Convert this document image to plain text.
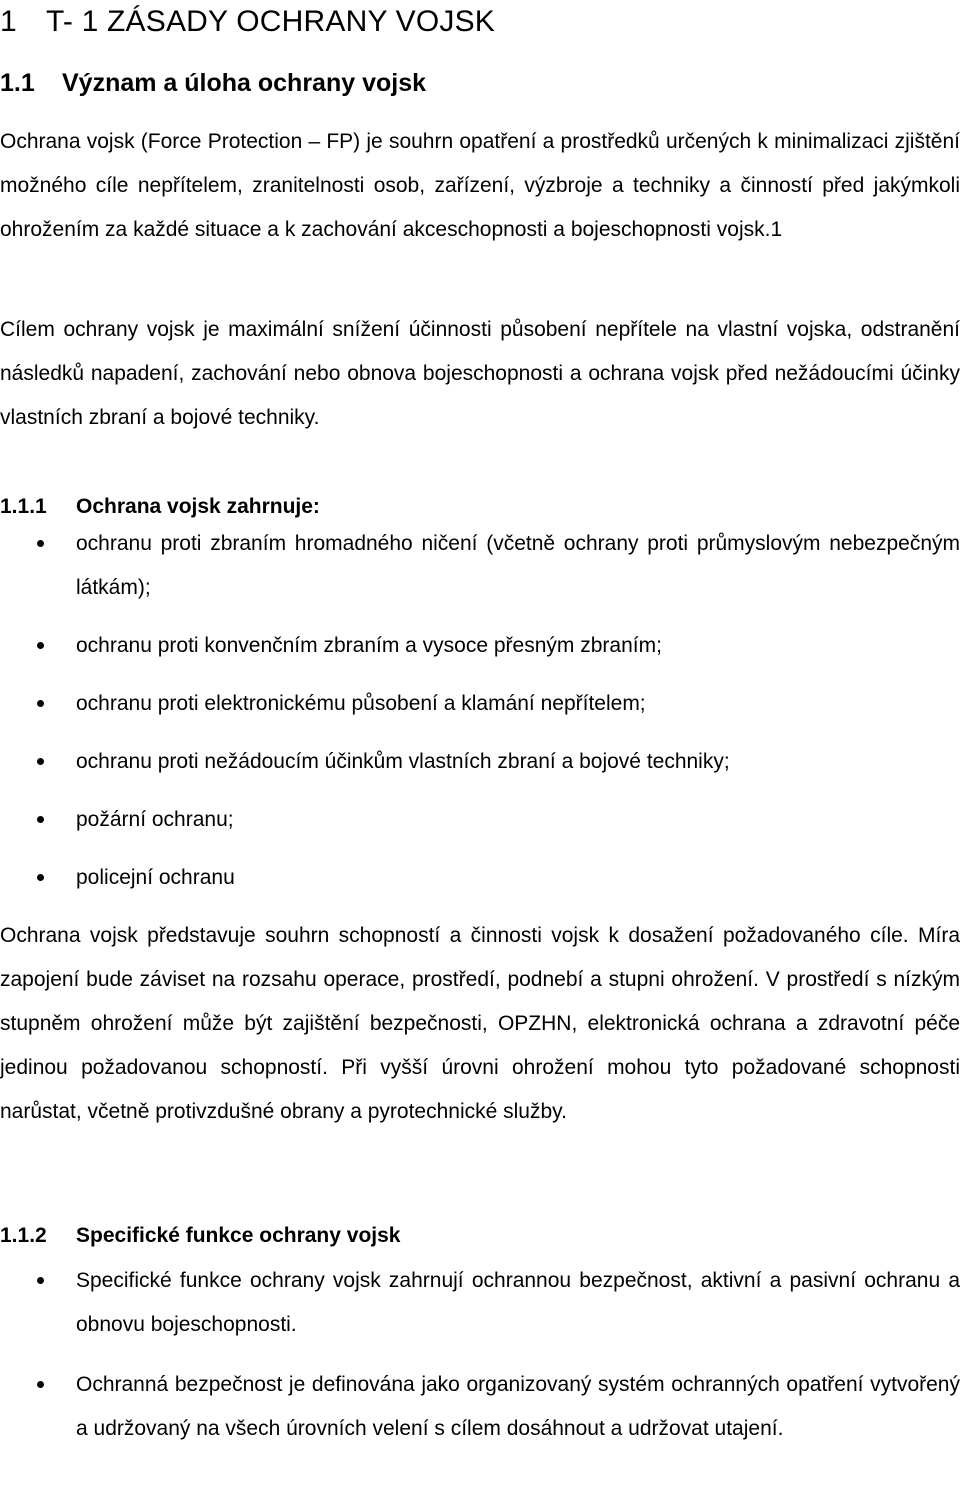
1 T- 1 ZÁSADY OCHRANY VOJSK
1.1 Význam a úloha ochrany vojsk

Ochrana vojsk (Force Protection – FP) je souhrn opatření a prostředků určených k minimalizaci zjištění možného cíle nepřítelem, zranitelnosti osob, zařízení, výzbroje a techniky a činností před jakýmkoli ohrožením za každé situace a k zachování akceschopnosti a bojeschopnosti vojsk.1

Cílem ochrany vojsk je maximální snížení účinnosti působení nepřítele na vlastní vojska, odstranění následků napadení, zachování nebo obnova bojeschopnosti a ochrana vojsk před nežádoucími účinky vlastních zbraní a bojové techniky.

1.1.1 Ochrana vojsk zahrnuje:
ochranu proti zbraním hromadného ničení (včetně ochrany proti průmyslovým nebezpečným látkám);
ochranu proti konvenčním zbraním a vysoce přesným zbraním;
ochranu proti elektronickému působení a klamání nepřítelem;
ochranu proti nežádoucím účinkům vlastních zbraní a bojové techniky;
požární ochranu;
policejní ochranu

Ochrana vojsk představuje souhrn schopností a činnosti vojsk k dosažení požadovaného cíle. Míra zapojení bude záviset na rozsahu operace, prostředí, podnebí a stupni ohrožení. V prostředí s nízkým stupněm ohrožení může být zajištění bezpečnosti, OPZHN, elektronická ochrana a zdravotní péče jedinou požadovanou schopností. Při vyšší úrovni ohrožení mohou tyto požadované schopnosti narůstat, včetně protivzdušné obrany a pyrotechnické služby.

1.1.2 Specifické funkce ochrany vojsk
Specifické funkce ochrany vojsk zahrnují ochrannou bezpečnost, aktivní a pasivní ochranu a obnovu bojeschopnosti.
Ochranná bezpečnost je definována jako organizovaný systém ochranných opatření vytvořený a udržovaný na všech úrovních velení s cílem dosáhnout a udržovat utajení.
